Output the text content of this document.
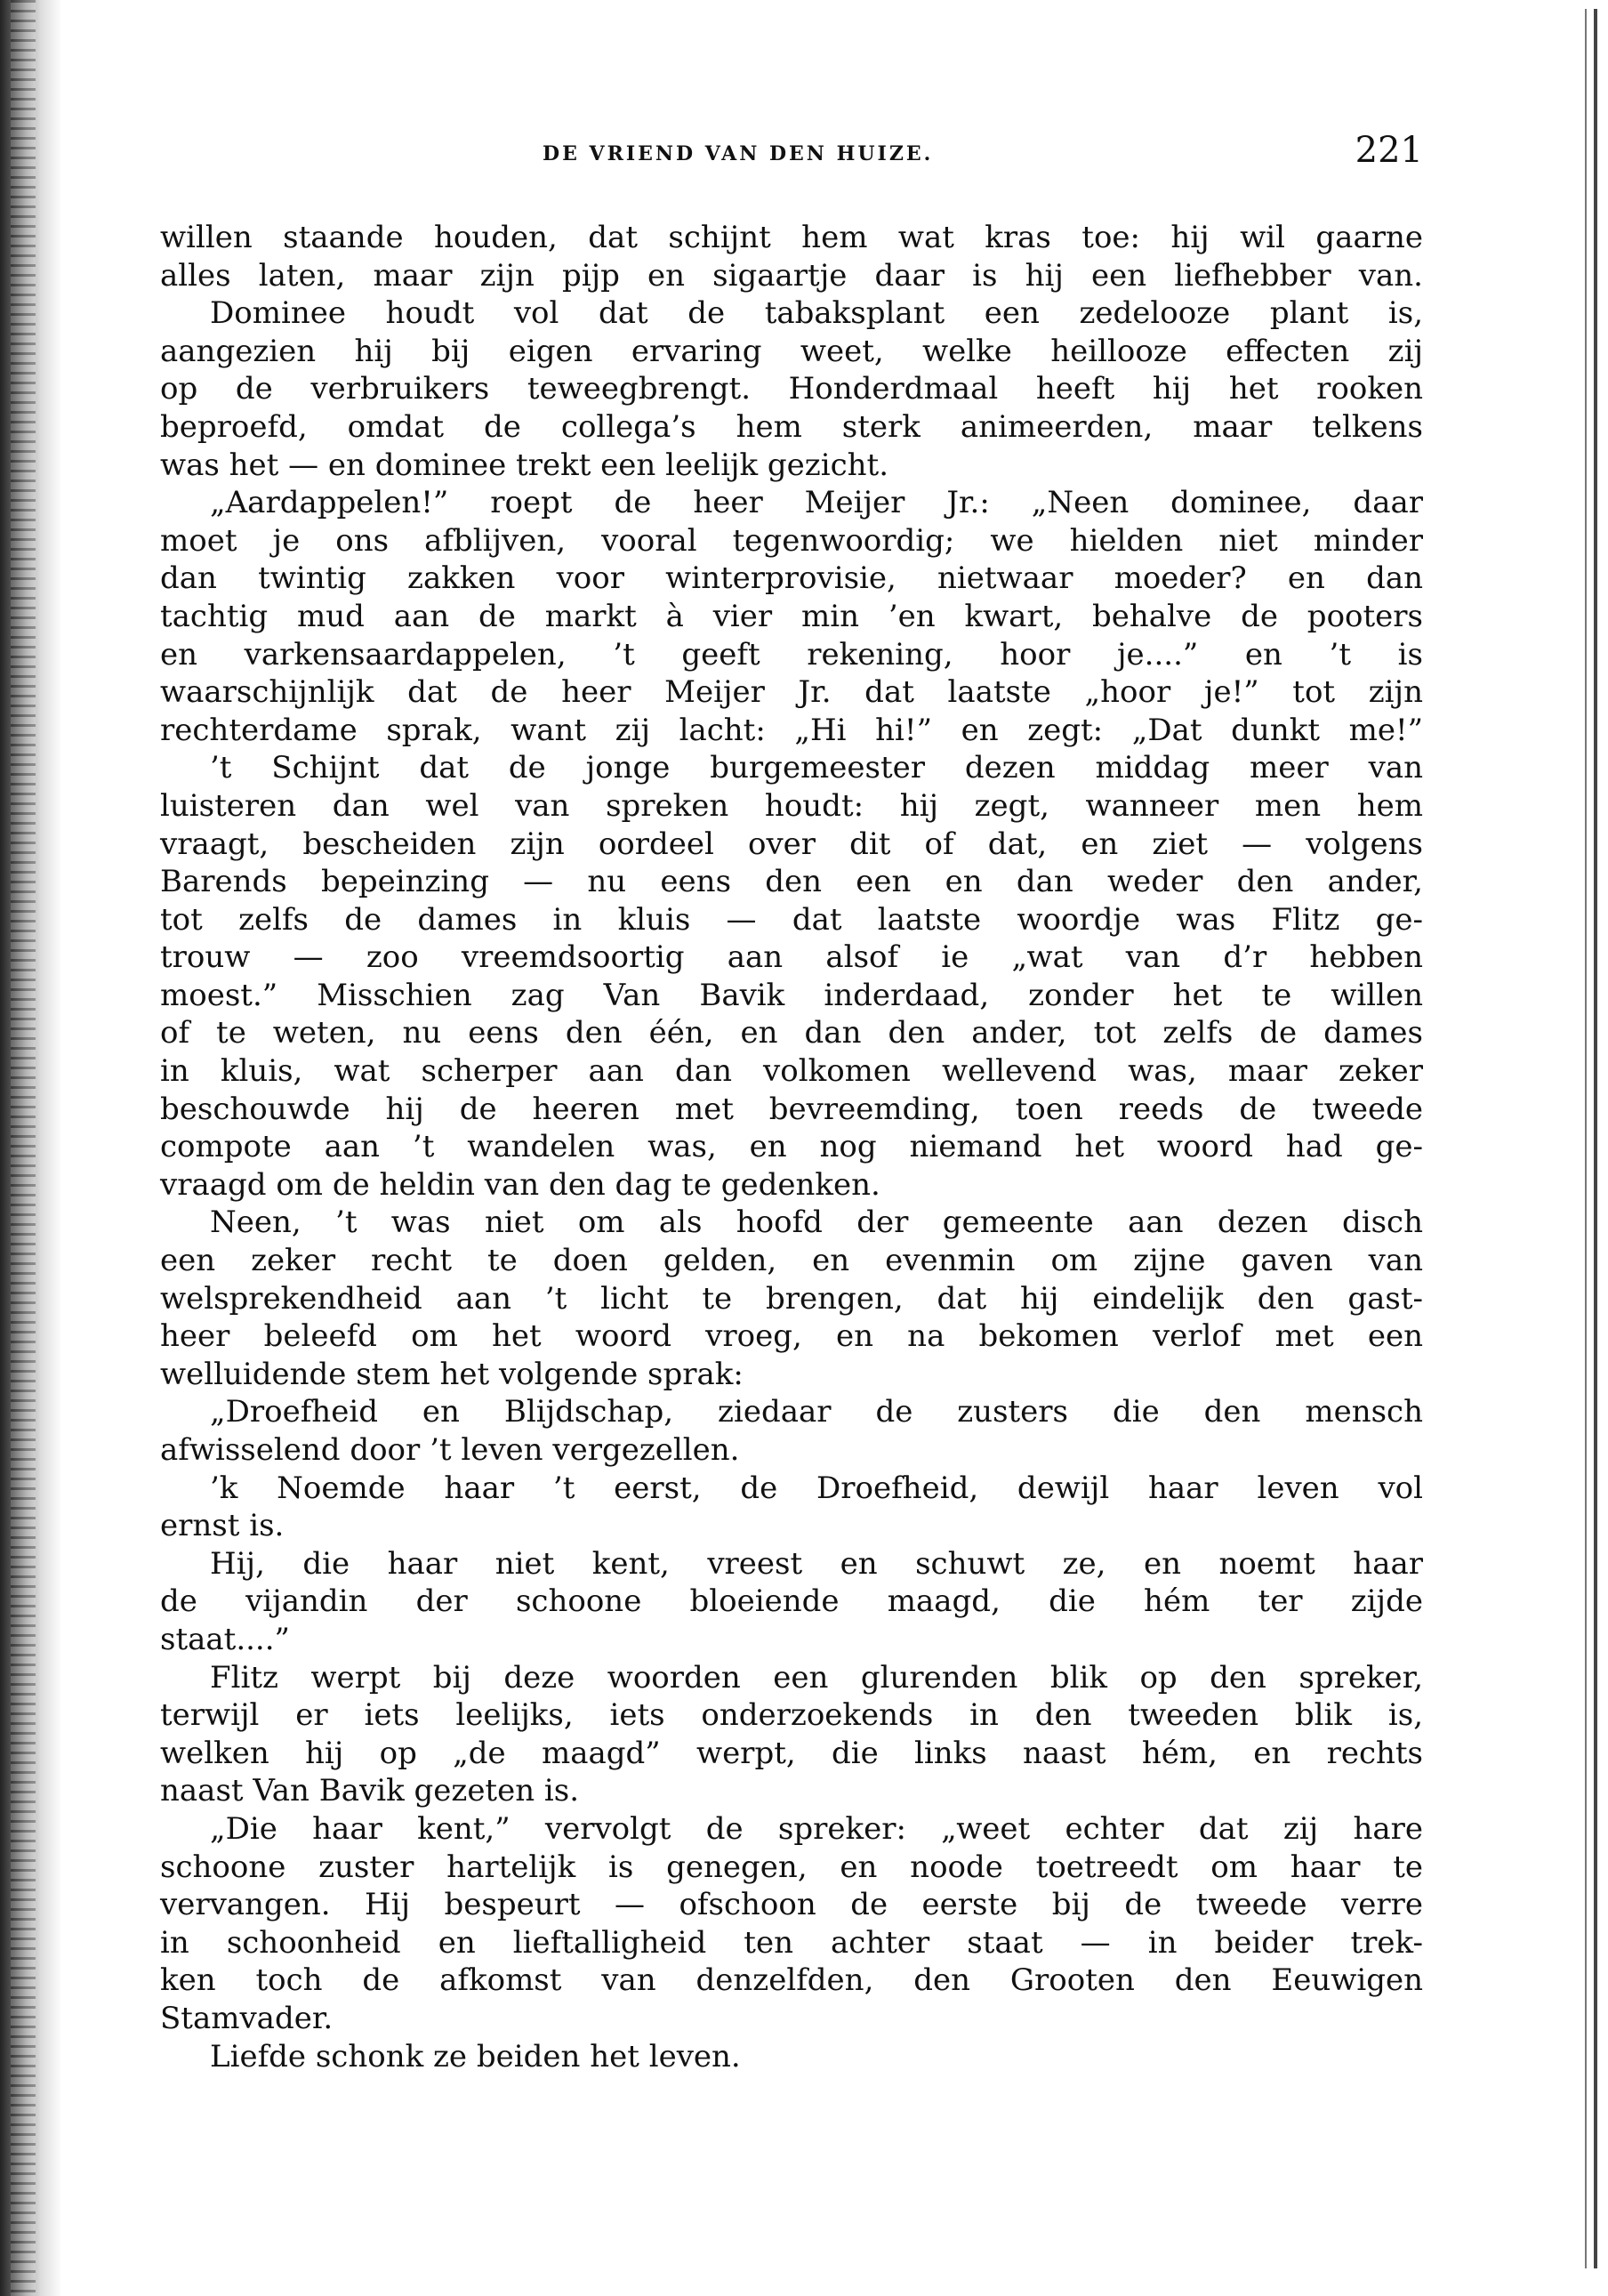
DE VRIEND VAN DEN HUIZE.	221
willen staande houden, dat schijnt hem wat kras toe: hij wil gaarne
alles laten, maar zijn pijp en sigaartje daar is hij een liefhebber van.
Dominee houdt vol dat de tabaksplant een zedelooze plant is,
aangezien hij bij eigen ervaring weet, welke heillooze effecten zij
op de verbruikers teweegbrengt. Honderdmaal heeft hij het rooken
beproefd, omdat de collega’s hem sterk animeerden, maar telkens
was het — en dominee trekt een leelijk gezicht.
„Aardappelen!” roept de heer Meijer Jr.: „Neen dominee, daar
moet je ons afblijven, vooral tegenwoordig; we hielden niet minder
dan twintig zakken voor winterprovisie, nietwaar moeder? en dan
tachtig mud aan de markt à vier min ’en kwart, behalve de pooters
en varkensaardappelen, ’t geeft rekening, hoor je....” en ’t is
waarschijnlijk dat de heer Meijer Jr. dat laatste „hoor je!” tot zijn
rechterdame sprak, want zij lacht: „Hi hi!” en zegt: „Dat dunkt me!”
’t Schijnt dat de jonge burgemeester dezen middag meer van
luisteren dan wel van spreken houdt: hij zegt, wanneer men hem
vraagt, bescheiden zijn oordeel over dit of dat, en ziet — volgens
Barends bepeinzing — nu eens den een en dan weder den ander,
tot zelfs de dames in kluis — dat laatste woordje was Flitz ge-
trouw — zoo vreemdsoortig aan alsof ie „wat van d’r hebben
moest.” Misschien zag Van Bavik inderdaad, zonder het te willen
of te weten, nu eens den één, en dan den ander, tot zelfs de dames
in kluis, wat scherper aan dan volkomen wellevend was, maar zeker
beschouwde hij de heeren met bevreemding, toen reeds de tweede
compote aan ’t wandelen was, en nog niemand het woord had ge-
vraagd om de heldin van den dag te gedenken.
Neen, ’t was niet om als hoofd der gemeente aan dezen disch
een zeker recht te doen gelden, en evenmin om zijne gaven van
welsprekendheid aan ’t licht te brengen, dat hij eindelijk den gast-
heer beleefd om het woord vroeg, en na bekomen verlof met een
welluidende stem het volgende sprak:
„Droefheid en Blijdschap, ziedaar de zusters die den mensch
afwisselend door ’t leven vergezellen.
’k Noemde haar ’t eerst, de Droefheid, dewijl haar leven vol
ernst is.
Hij, die haar niet kent, vreest en schuwt ze, en noemt haar
de vijandin der schoone bloeiende maagd, die hém ter zijde
staat....”
Flitz werpt bij deze woorden een glurenden blik op den spreker,
terwijl er iets leelijks, iets onderzoekends in den tweeden blik is,
welken hij op „de maagd” werpt, die links naast hém, en rechts
naast Van Bavik gezeten is.
„Die haar kent,” vervolgt de spreker: „weet echter dat zij hare
schoone zuster hartelijk is genegen, en noode toetreedt om haar te
vervangen. Hij bespeurt — ofschoon de eerste bij de tweede verre
in schoonheid en lieftalligheid ten achter staat — in beider trek-
ken toch de afkomst van denzelfden, den Grooten den Eeuwigen
Stamvader.
Liefde schonk ze beiden het leven.
